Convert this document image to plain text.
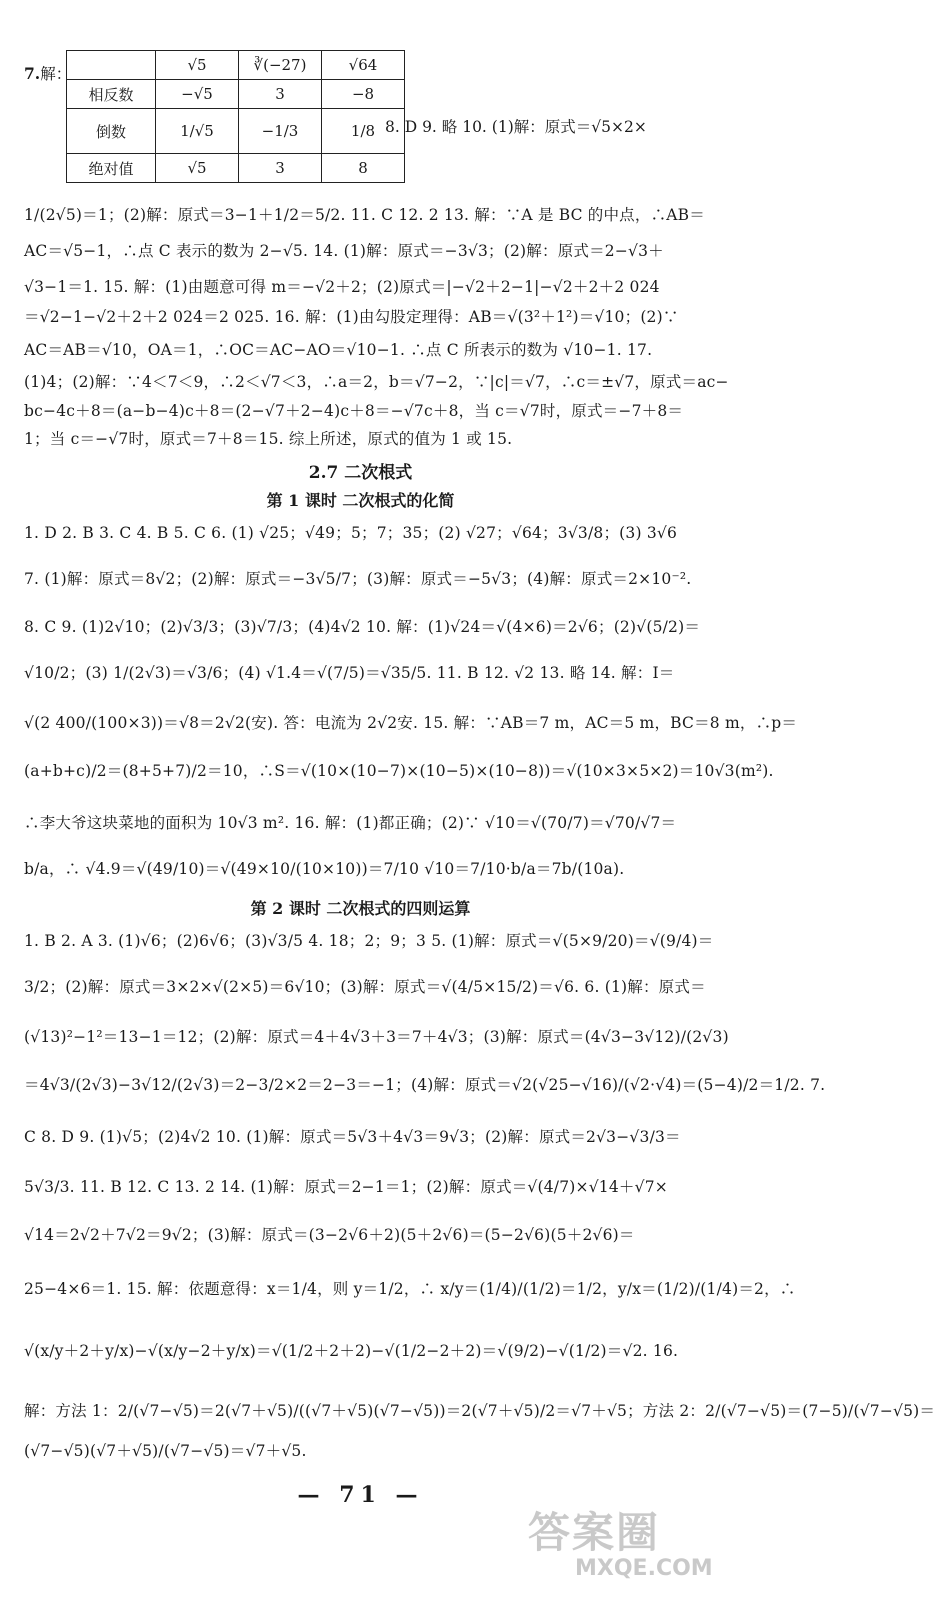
7.解：
		√5	∛(−27)	√64
相反数	−√5	3	−8
倒数	1/√5	−1/3	1/8
绝对值	√5	3	8
8. D 9. 略 10. (1)解：原式＝√5×2×
1/(2√5)＝1；(2)解：原式＝3−1＋1/2＝5/2. 11. C 12. 2 13. 解：∵A 是 BC 的中点，∴AB＝
AC＝√5−1，∴点 C 表示的数为 2−√5. 14. (1)解：原式＝−3√3；(2)解：原式＝2−√3＋
√3−1＝1. 15. 解：(1)由题意可得 m＝−√2＋2；(2)原式＝|−√2＋2−1|−√2＋2＋2 024
＝√2−1−√2＋2＋2 024＝2 025. 16. 解：(1)由勾股定理得：AB＝√(3²＋1²)＝√10；(2)∵
AC＝AB＝√10，OA＝1，∴OC＝AC−AO＝√10−1. ∴点 C 所表示的数为 √10−1. 17.
(1)4；(2)解：∵4＜7＜9，∴2＜√7＜3，∴a＝2，b＝√7−2，∵|c|＝√7，∴c＝±√7，原式＝ac−
bc−4c＋8＝(a−b−4)c＋8＝(2−√7＋2−4)c＋8＝−√7c＋8，当 c＝√7时，原式＝−7＋8＝
1；当 c＝−√7时，原式＝7＋8＝15. 综上所述，原式的值为 1 或 15.
2.7 二次根式
第 1 课时 二次根式的化简
1. D 2. B 3. C 4. B 5. C 6. (1) √25；√49；5；7；35；(2) √27；√64；3√3/8；(3) 3√6
7. (1)解：原式＝8√2；(2)解：原式＝−3√5/7；(3)解：原式＝−5√3；(4)解：原式＝2×10⁻².
8. C 9. (1)2√10；(2)√3/3；(3)√7/3；(4)4√2 10. 解：(1)√24＝√(4×6)＝2√6；(2)√(5/2)＝
√10/2；(3) 1/(2√3)＝√3/6；(4) √1.4＝√(7/5)＝√35/5. 11. B 12. √2 13. 略 14. 解：I＝
√(2 400/(100×3))＝√8＝2√2(安). 答：电流为 2√2安. 15. 解：∵AB＝7 m，AC＝5 m，BC＝8 m，∴p＝
(a+b+c)/2＝(8+5+7)/2＝10，∴S＝√(10×(10−7)×(10−5)×(10−8))＝√(10×3×5×2)＝10√3(m²).
∴李大爷这块菜地的面积为 10√3 m². 16. 解：(1)都正确；(2)∵ √10＝√(70/7)＝√70/√7＝
b/a，∴ √4.9＝√(49/10)＝√(49×10/(10×10))＝7/10 √10＝7/10·b/a＝7b/(10a).
第 2 课时 二次根式的四则运算
1. B 2. A 3. (1)√6；(2)6√6；(3)√3/5 4. 18；2；9；3 5. (1)解：原式＝√(5×9/20)＝√(9/4)＝
3/2；(2)解：原式＝3×2×√(2×5)＝6√10；(3)解：原式＝√(4/5×15/2)＝√6. 6. (1)解：原式＝
(√13)²−1²＝13−1＝12；(2)解：原式＝4＋4√3＋3＝7＋4√3；(3)解：原式＝(4√3−3√12)/(2√3)
＝4√3/(2√3)−3√12/(2√3)＝2−3/2×2＝2−3＝−1；(4)解：原式＝√2(√25−√16)/(√2·√4)＝(5−4)/2＝1/2. 7.
C 8. D 9. (1)√5；(2)4√2 10. (1)解：原式＝5√3＋4√3＝9√3；(2)解：原式＝2√3−√3/3＝
5√3/3. 11. B 12. C 13. 2 14. (1)解：原式＝2−1＝1；(2)解：原式＝√(4/7)×√14＋√7×
√14＝2√2＋7√2＝9√2；(3)解：原式＝(3−2√6＋2)(5＋2√6)＝(5−2√6)(5＋2√6)＝
25−4×6＝1. 15. 解：依题意得：x＝1/4，则 y＝1/2，∴ x/y＝(1/4)/(1/2)＝1/2，y/x＝(1/2)/(1/4)＝2，∴
√(x/y＋2＋y/x)−√(x/y−2＋y/x)＝√(1/2＋2＋2)−√(1/2−2＋2)＝√(9/2)−√(1/2)＝√2. 16.
解：方法 1：2/(√7−√5)＝2(√7＋√5)/((√7＋√5)(√7−√5))＝2(√7＋√5)/2＝√7＋√5；方法 2：2/(√7−√5)＝(7−5)/(√7−√5)＝
(√7−√5)(√7＋√5)/(√7−√5)＝√7＋√5.
— 71 —
答案圈
MXQE.COM
